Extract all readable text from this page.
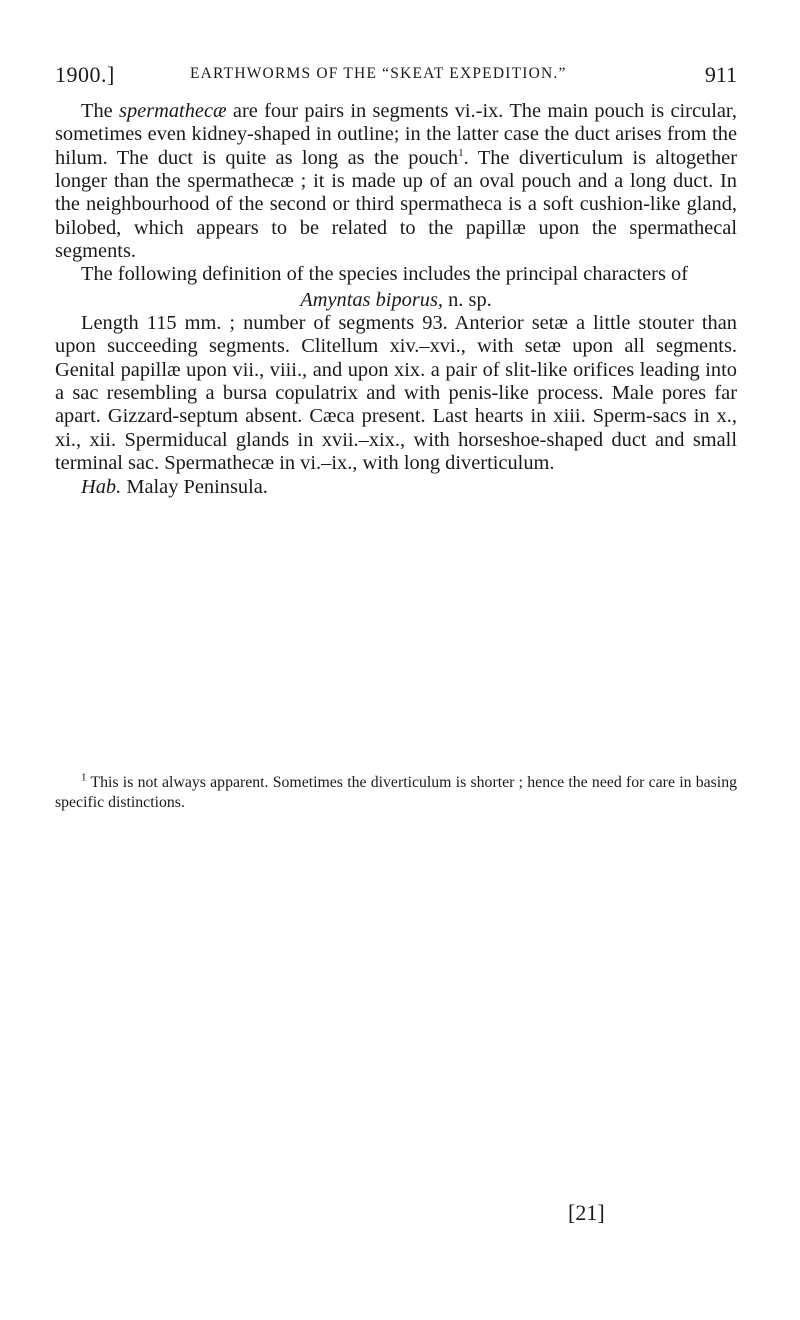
1900.]	EARTHWORMS OF THE “SKEAT EXPEDITION.”	911

The spermathecæ are four pairs in segments vi.-ix. The main pouch is circular, sometimes even kidney-shaped in outline; in the latter case the duct arises from the hilum. The duct is quite as long as the pouch$^1$. The diverticulum is altogether longer than the spermathecæ ; it is made up of an oval pouch and a long duct. In the neighbourhood of the second or third spermatheca is a soft cushion-like gland, bilobed, which appears to be related to the papillæ upon the spermathecal segments.

The following definition of the species includes the principal characters of

Amyntas biporus, n. sp.

Length 115 mm. ; number of segments 93. Anterior setæ a little stouter than upon succeeding segments. Clitellum xiv.–xvi., with setæ upon all segments. Genital papillæ upon vii., viii., and upon xix. a pair of slit-like orifices leading into a sac resembling a bursa copulatrix and with penis-like process. Male pores far apart. Gizzard-septum absent. Cæca present. Last hearts in xiii. Sperm-sacs in x., xi., xii. Spermiducal glands in xvii.–xix., with horseshoe-shaped duct and small terminal sac. Spermathecæ in vi.–ix., with long diverticulum.

Hab. Malay Peninsula.

$^1$ This is not always apparent. Sometimes the diverticulum is shorter ; hence the need for care in basing specific distinctions.
[21]
